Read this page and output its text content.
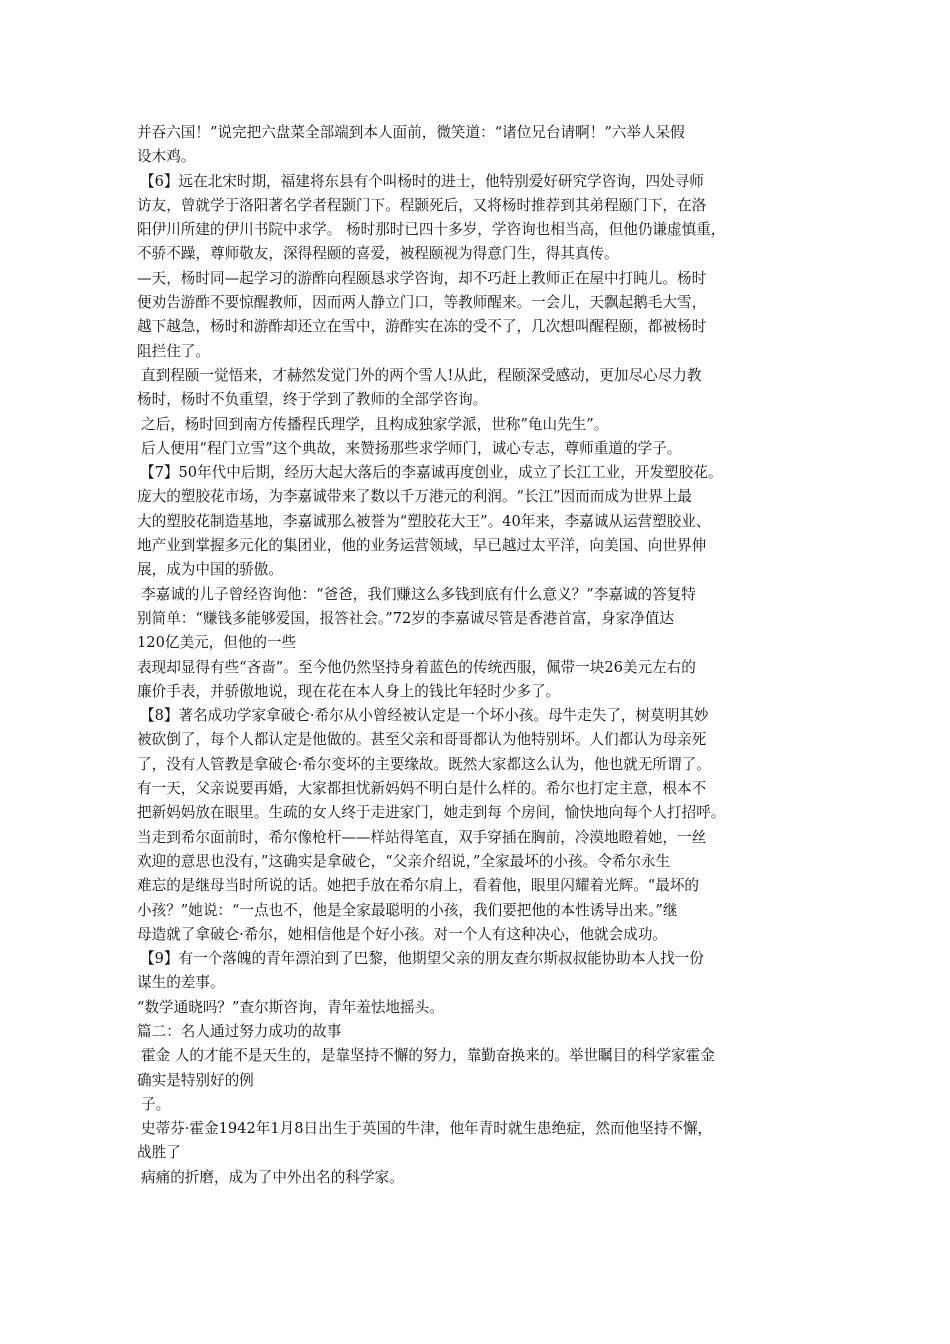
并吞六国！”说完把六盘菜全部端到本人面前，微笑道：“诸位兄台请啊！”六举人呆假
设木鸡。
【6】远在北宋时期，福建将东县有个叫杨时的进士，他特别爱好研究学咨询，四处寻师
访友，曾就学于洛阳著名学者程颢门下。程颢死后，又将杨时推荐到其弟程颐门下，在洛
阳伊川所建的伊川书院中求学。 杨时那时已四十多岁，学咨询也相当高，但他仍谦虚慎重，
不骄不躁，尊师敬友，深得程颐的喜爱，被程颐视为得意门生，得其真传。
—天，杨时同—起学习的游酢向程颐恳求学咨询，却不巧赶上教师正在屋中打盹儿。杨时
便劝告游酢不要惊醒教师，因而两人静立门口，等教师醒来。一会儿，天飘起鹅毛大雪，
越下越急，杨时和游酢却还立在雪中，游酢实在冻的受不了，几次想叫醒程颐，都被杨时
阻拦住了。
直到程颐一觉悟来，才赫然发觉门外的两个雪人!从此，程颐深受感动，更加尽心尽力教
杨时，杨时不负重望，终于学到了教师的全部学咨询。
之后，杨时回到南方传播程氏理学，且构成独家学派，世称”龟山先生”。
后人便用“程门立雪”这个典故，来赞扬那些求学师门，诚心专志，尊师重道的学子。
【7】50年代中后期，经历大起大落后的李嘉诚再度创业，成立了长江工业，开发塑胶花。
庞大的塑胶花市场，为李嘉诚带来了数以千万港元的利润。“长江”因而而成为世界上最
大的塑胶花制造基地，李嘉诚那么被誉为“塑胶花大王”。40年来，李嘉诚从运营塑胶业、
地产业到掌握多元化的集团业，他的业务运营领域，早已越过太平洋，向美国、向世界伸
展，成为中国的骄傲。
李嘉诚的儿子曾经咨询他：“爸爸，我们赚这么多钱到底有什么意义？”李嘉诚的答复特
别简单：“赚钱多能够爱国，报答社会。”72岁的李嘉诚尽管是香港首富，身家净值达
120亿美元，但他的一些
表现却显得有些“吝啬”。至今他仍然坚持身着蓝色的传统西服，佩带一块26美元左右的
廉价手表，并骄傲地说，现在花在本人身上的钱比年轻时少多了。
【8】著名成功学家拿破仑·希尔从小曾经被认定是一个坏小孩。母牛走失了，树莫明其妙
被砍倒了，每个人都认定是他做的。甚至父亲和哥哥都认为他特别坏。人们都认为母亲死
了，没有人管教是拿破仑·希尔变坏的主要缘故。既然大家都这么认为，他也就无所谓了。
有一天，父亲说要再婚，大家都担忧新妈妈不明白是什么样的。希尔也打定主意，根本不
把新妈妈放在眼里。生疏的女人终于走进家门，她走到每 个房间，愉快地向每个人打招呼。
当走到希尔面前时，希尔像枪杆——样站得笔直，双手穿插在胸前，冷漠地瞪着她，一丝
欢迎的意思也没有，”这确实是拿破仑，“父亲介绍说，”全家最坏的小孩。令希尔永生
难忘的是继母当时所说的话。她把手放在希尔肩上，看着他，眼里闪耀着光辉。“最坏的
小孩？”她说：“一点也不，他是全家最聪明的小孩，我们要把他的本性诱导出来。”继
母造就了拿破仑·希尔，她相信他是个好小孩。对一个人有这种决心，他就会成功。
【9】有一个落魄的青年漂泊到了巴黎，他期望父亲的朋友查尔斯叔叔能协助本人找一份
谋生的差事。
“数学通晓吗？”查尔斯咨询，青年羞怯地摇头。
篇二：名人通过努力成功的故事
霍金 人的才能不是天生的，是靠坚持不懈的努力，靠勤奋换来的。举世瞩目的科学家霍金
确实是特别好的例
子。
史蒂芬·霍金1942年1月8日出生于英国的牛津，他年青时就生患绝症，然而他坚持不懈，
战胜了
病痛的折磨，成为了中外出名的科学家。
